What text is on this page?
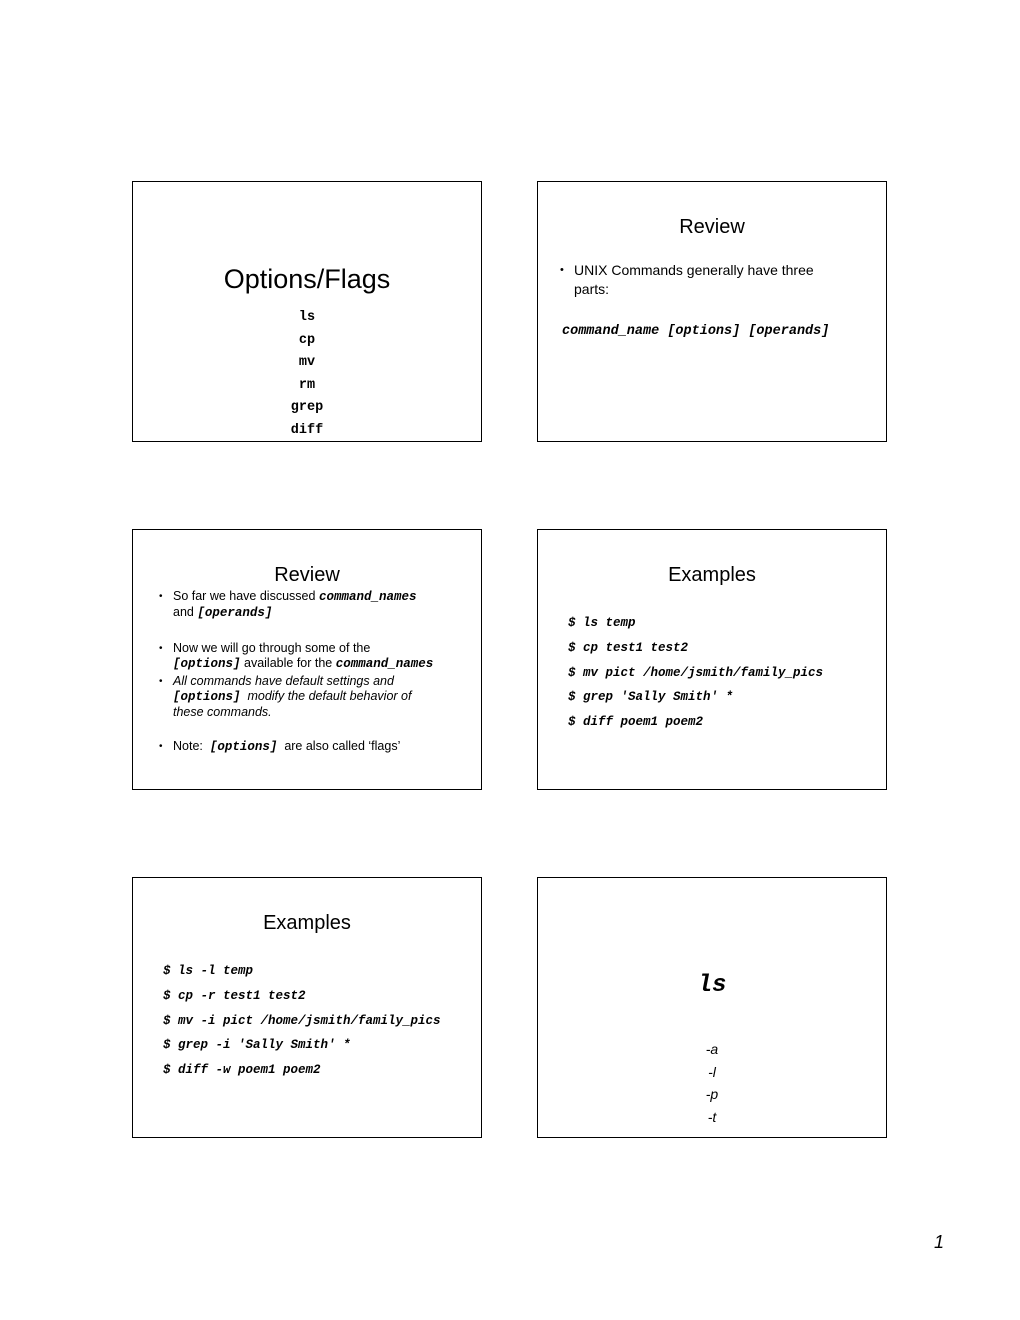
Options/Flags
ls
cp
mv
rm
grep
diff
Review
• UNIX Commands generally have three
parts:
command_name [options] [operands]
Review
• So far we have discussed command_names
and [operands]
• Now we will go through some of the
[options] available for the command_names
• All commands have default settings and
[options] modify the default behavior of
these commands.
• Note: [options] are also called ‘flags’
Examples
$ ls temp
$ cp test1 test2
$ mv pict /home/jsmith/family_pics
$ grep 'Sally Smith' *
$ diff poem1 poem2
Examples
$ ls -l temp
$ cp -r test1 test2
$ mv -i pict /home/jsmith/family_pics
$ grep -i 'Sally Smith' *
$ diff -w poem1 poem2
ls
-a
-l
-p
-t
1
